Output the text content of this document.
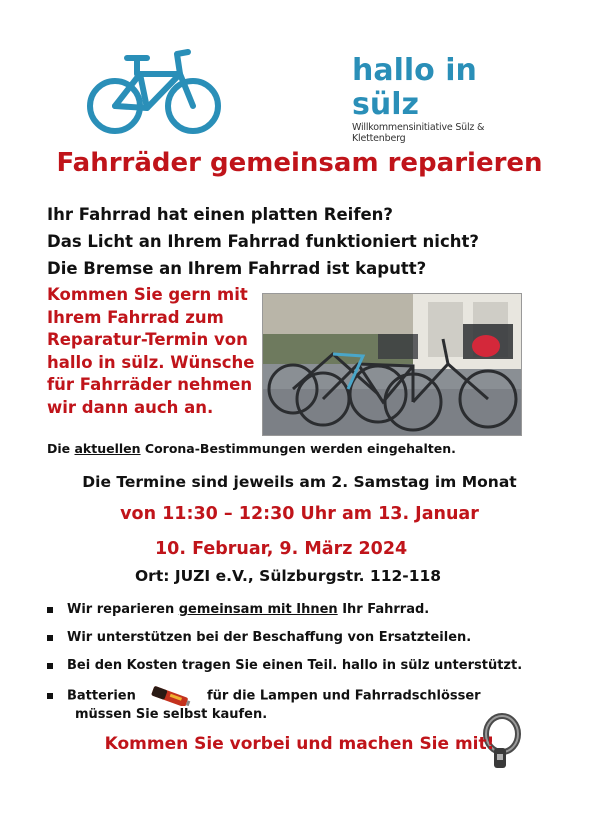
hallo in sülz
Willkommensinitiative Sülz & Klettenberg
Fahrräder gemeinsam reparieren
Ihr Fahrrad hat einen platten Reifen?
Das Licht an Ihrem Fahrrad funktioniert nicht?
Die Bremse an Ihrem Fahrrad ist kaputt?
Kommen Sie gern mit
Ihrem Fahrrad zum
Reparatur-Termin von
hallo in sülz. Wünsche
für Fahrräder nehmen
wir dann auch an.
Die aktuellen Corona-Bestimmungen werden eingehalten.
Die Termine sind jeweils am 2. Samstag im Monat
von 11:30 – 12:30 Uhr am 13. Januar
10. Februar, 9. März 2024
Ort: JUZI e.V., Sülzburgstr. 112-118
Wir reparieren gemeinsam mit Ihnen Ihr Fahrrad.
Wir unterstützen bei der Beschaffung von Ersatzteilen.
Bei den Kosten tragen Sie einen Teil. hallo in sülz unterstützt.
Batterien	für die Lampen und Fahrradschlösser
müssen Sie selbst kaufen.
Kommen Sie vorbei und machen Sie mit!
